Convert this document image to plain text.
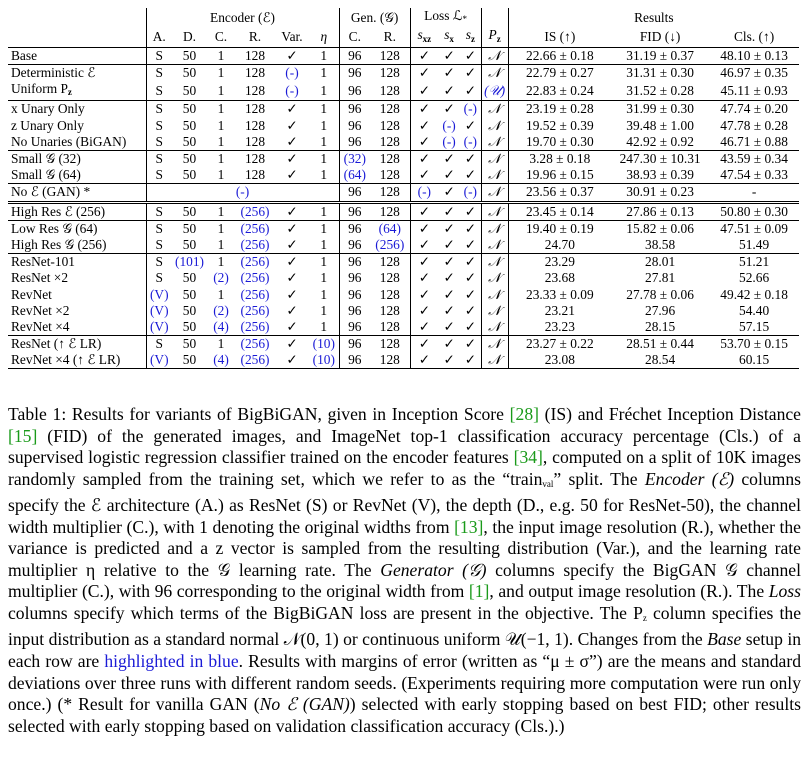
	Encoder (ℰ)						Gen. (𝒢)		Loss ℒ$_*$				Results		
	A.	D.	C.	R.	Var.	η	C.	R.	$s_{xz}$	$s_x$	$s_z$	$P_z$	IS (↑)	FID (↓)	Cls. (↑)
Base	S	50	1	128	✓	1	96	128	✓	✓	✓	𝒩	22.66 ± 0.18	31.19 ± 0.37	48.10 ± 0.13
Deterministic ℰ	S	50	1	128	(-)	1	96	128	✓	✓	✓	𝒩	22.79 ± 0.27	31.31 ± 0.30	46.97 ± 0.35
Uniform $P_z$	S	50	1	128	(-)	1	96	128	✓	✓	✓	(𝒰)	22.83 ± 0.24	31.52 ± 0.28	45.11 ± 0.93
x Unary Only	S	50	1	128	✓	1	96	128	✓	✓	(-)	𝒩	23.19 ± 0.28	31.99 ± 0.30	47.74 ± 0.20
z Unary Only	S	50	1	128	✓	1	96	128	✓	(-)	✓	𝒩	19.52 ± 0.39	39.48 ± 1.00	47.78 ± 0.28
No Unaries (BiGAN)	S	50	1	128	✓	1	96	128	✓	(-)	(-)	𝒩	19.70 ± 0.30	42.92 ± 0.92	46.71 ± 0.88
Small 𝒢 (32)	S	50	1	128	✓	1	(32)	128	✓	✓	✓	𝒩	3.28 ± 0.18	247.30 ± 10.31	43.59 ± 0.34
Small 𝒢 (64)	S	50	1	128	✓	1	(64)	128	✓	✓	✓	𝒩	19.96 ± 0.15	38.93 ± 0.39	47.54 ± 0.33
No ℰ (GAN) *	(-)						96	128	(-)	✓	(-)	𝒩	23.56 ± 0.37	30.91 ± 0.23	-
High Res ℰ (256)	S	50	1	(256)	✓	1	96	128	✓	✓	✓	𝒩	23.45 ± 0.14	27.86 ± 0.13	50.80 ± 0.30
Low Res 𝒢 (64)	S	50	1	(256)	✓	1	96	(64)	✓	✓	✓	𝒩	19.40 ± 0.19	15.82 ± 0.06	47.51 ± 0.09
High Res 𝒢 (256)	S	50	1	(256)	✓	1	96	(256)	✓	✓	✓	𝒩	24.70	38.58	51.49
ResNet-101	S	(101)	1	(256)	✓	1	96	128	✓	✓	✓	𝒩	23.29	28.01	51.21
ResNet ×2	S	50	(2)	(256)	✓	1	96	128	✓	✓	✓	𝒩	23.68	27.81	52.66
RevNet	(V)	50	1	(256)	✓	1	96	128	✓	✓	✓	𝒩	23.33 ± 0.09	27.78 ± 0.06	49.42 ± 0.18
RevNet ×2	(V)	50	(2)	(256)	✓	1	96	128	✓	✓	✓	𝒩	23.21	27.96	54.40
RevNet ×4	(V)	50	(4)	(256)	✓	1	96	128	✓	✓	✓	𝒩	23.23	28.15	57.15
ResNet (↑ ℰ LR)	S	50	1	(256)	✓	(10)	96	128	✓	✓	✓	𝒩	23.27 ± 0.22	28.51 ± 0.44	53.70 ± 0.15
RevNet ×4 (↑ ℰ LR)	(V)	50	(4)	(256)	✓	(10)	96	128	✓	✓	✓	𝒩	23.08	28.54	60.15
Table 1: Results for variants of BigBiGAN, given in Inception Score [28] (IS) and Fréchet Inception Distance [15] (FID) of the generated images, and ImageNet top-1 classification accuracy percentage (Cls.) of a supervised logistic regression classifier trained on the encoder features [34], computed on a split of 10K images randomly sampled from the training set, which we refer to as the “train$_{val}$” split. The Encoder (ℰ) columns specify the ℰ architecture (A.) as ResNet (S) or RevNet (V), the depth (D., e.g. 50 for ResNet-50), the channel width multiplier (C.), with 1 denoting the original widths from [13], the input image resolution (R.), whether the variance is predicted and a z vector is sampled from the resulting distribution (Var.), and the learning rate multiplier η relative to the 𝒢 learning rate. The Generator (𝒢) columns specify the BigGAN 𝒢 channel multiplier (C.), with 96 corresponding to the original width from [1], and output image resolution (R.). The Loss columns specify which terms of the BigBiGAN loss are present in the objective. The $P_z$ column specifies the input distribution as a standard normal 𝒩(0, 1) or continuous uniform 𝒰(−1, 1). Changes from the Base setup in each row are highlighted in blue. Results with margins of error (written as “μ ± σ”) are the means and standard deviations over three runs with different random seeds. (Experiments requiring more computation were run only once.) (* Result for vanilla GAN (No ℰ (GAN)) selected with early stopping based on best FID; other results selected with early stopping based on validation classification accuracy (Cls.).)
